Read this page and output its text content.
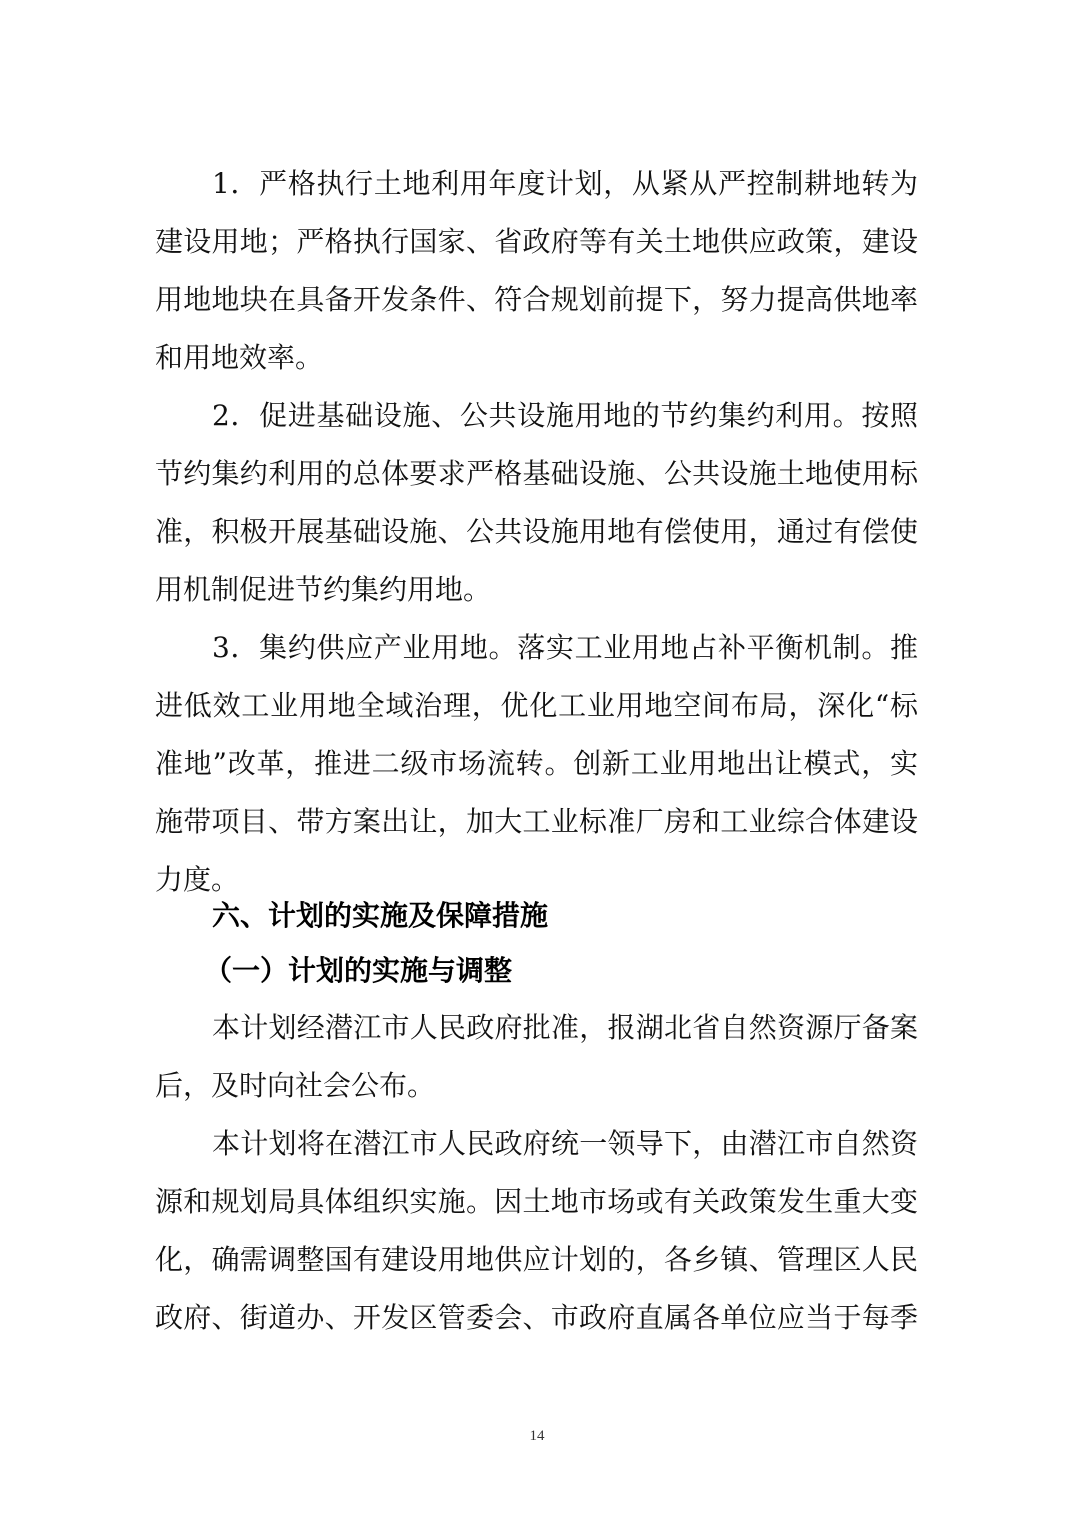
1．严格执行土地利用年度计划，从紧从严控制耕地转为
建设用地；严格执行国家、省政府等有关土地供应政策，建设
用地地块在具备开发条件、符合规划前提下，努力提高供地率
和用地效率。
2．促进基础设施、公共设施用地的节约集约利用。按照
节约集约利用的总体要求严格基础设施、公共设施土地使用标
准，积极开展基础设施、公共设施用地有偿使用，通过有偿使
用机制促进节约集约用地。
3．集约供应产业用地。落实工业用地占补平衡机制。推
进低效工业用地全域治理，优化工业用地空间布局，深化“标
准地”改革，推进二级市场流转。创新工业用地出让模式，实
施带项目、带方案出让，加大工业标准厂房和工业综合体建设
力度。
六、计划的实施及保障措施
（一）计划的实施与调整
本计划经潜江市人民政府批准，报湖北省自然资源厅备案
后，及时向社会公布。
本计划将在潜江市人民政府统一领导下，由潜江市自然资
源和规划局具体组织实施。因土地市场或有关政策发生重大变
化，确需调整国有建设用地供应计划的，各乡镇、管理区人民
政府、街道办、开发区管委会、市政府直属各单位应当于每季
14
